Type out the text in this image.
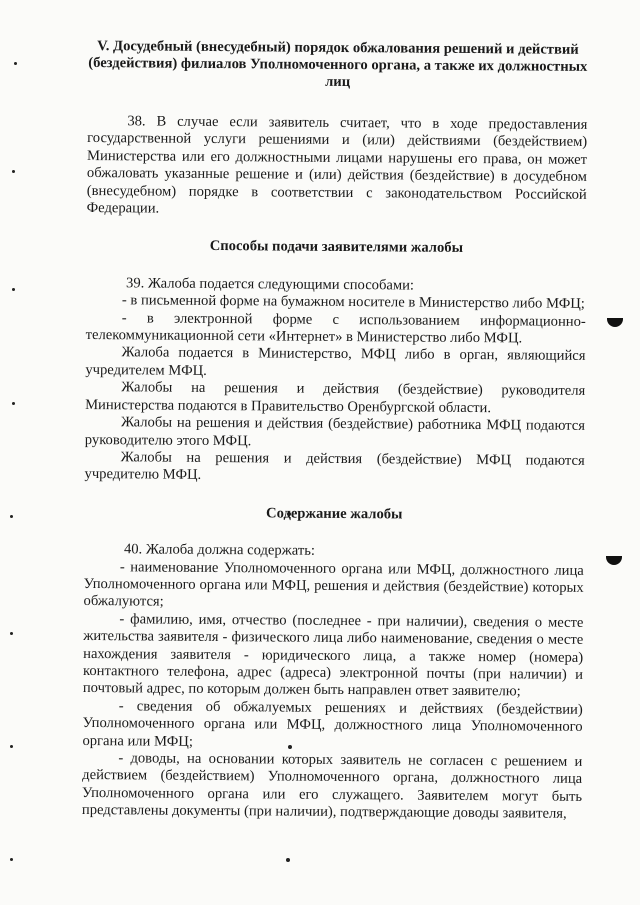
V. Досудебный (внесудебный) порядок обжалования решений и действий (бездействия) филиалов Уполномоченного органа, а также их должностных лиц

38. В случае если заявитель считает, что в ходе предоставления государственной услуги решениями и (или) действиями (бездействием) Министерства или его должностными лицами нарушены его права, он может обжаловать указанные решение и (или) действия (бездействие) в досудебном (внесудебном) порядке в соответствии с законодательством Российской Федерации.

Способы подачи заявителями жалобы

39. Жалоба подается следующими способами:

- в письменной форме на бумажном носителе в Министерство либо МФЦ;

- в электронной форме с использованием информационно-телекоммуникационной сети «Интернет» в Министерство либо МФЦ.

Жалоба подается в Министерство, МФЦ либо в орган, являющийся учредителем МФЦ.

Жалобы на решения и действия (бездействие) руководителя Министерства подаются в Правительство Оренбургской области.

Жалобы на решения и действия (бездействие) работника МФЦ подаются руководителю этого МФЦ.

Жалобы на решения и действия (бездействие) МФЦ подаются учредителю МФЦ.

Содержание жалобы

40. Жалоба должна содержать:

- наименование Уполномоченного органа или МФЦ, должностного лица Уполномоченного органа или МФЦ, решения и действия (бездействие) которых обжалуются;

- фамилию, имя, отчество (последнее - при наличии), сведения о месте жительства заявителя - физического лица либо наименование, сведения о месте нахождения заявителя - юридического лица, а также номер (номера) контактного телефона, адрес (адреса) электронной почты (при наличии) и почтовый адрес, по которым должен быть направлен ответ заявителю;

- сведения об обжалуемых решениях и действиях (бездействии) Уполномоченного органа или МФЦ, должностного лица Уполномоченного органа или МФЦ;

- доводы, на основании которых заявитель не согласен с решением и действием (бездействием) Уполномоченного органа, должностного лица Уполномоченного органа или его служащего. Заявителем могут быть представлены документы (при наличии), подтверждающие доводы заявителя,
